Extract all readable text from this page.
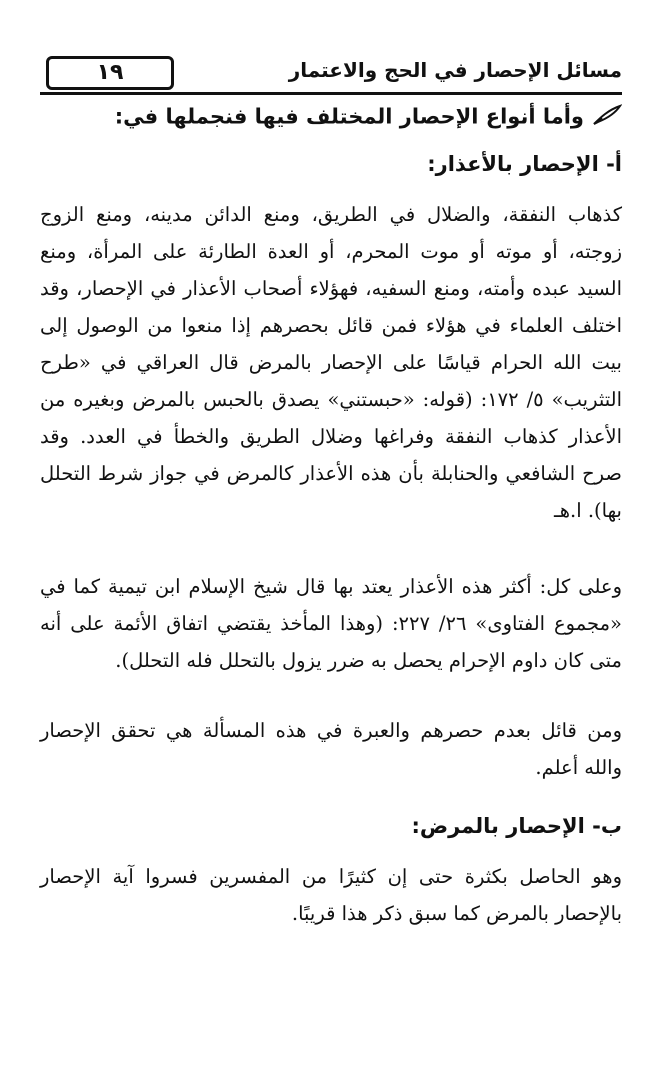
١٩	مسائل الإحصار في الحج والاعتمار
وأما أنواع الإحصار المختلف فيها فنجملها في:
أ- الإحصار بالأعذار:

كذهاب النفقة، والضلال في الطريق، ومنع الدائن مدينه، ومنع الزوج زوجته، أو موته أو موت المحرم، أو العدة الطارئة على المرأة، ومنع السيد عبده وأمته، ومنع السفيه، فهؤلاء أصحاب الأعذار في الإحصار، وقد اختلف العلماء في هؤلاء فمن قائل بحصرهم إذا منعوا من الوصول إلى بيت الله الحرام قياسًا على الإحصار بالمرض قال العراقي في «طرح التثريب» ٥/ ١٧٢: (قوله: «حبستني» يصدق بالحبس بالمرض وبغيره من الأعذار كذهاب النفقة وفراغها وضلال الطريق والخطأ في العدد. وقد صرح الشافعي والحنابلة بأن هذه الأعذار كالمرض في جواز شرط التحلل بها). ا.هـ

وعلى كل: أكثر هذه الأعذار يعتد بها قال شيخ الإسلام ابن تيمية كما في «مجموع الفتاوى» ٢٦/ ٢٢٧: (وهذا المأخذ يقتضي اتفاق الأئمة على أنه متى كان داوم الإحرام يحصل به ضرر يزول بالتحلل فله التحلل).

ومن قائل بعدم حصرهم والعبرة في هذه المسألة هي تحقق الإحصار والله أعلم.

ب- الإحصار بالمرض:

وهو الحاصل بكثرة حتى إن كثيرًا من المفسرين فسروا آية الإحصار بالإحصار بالمرض كما سبق ذكر هذا قريبًا.
